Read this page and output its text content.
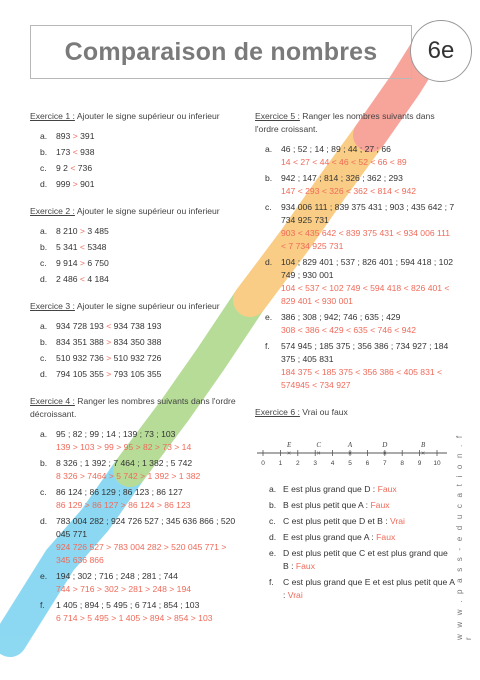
Comparaison de nombres	6e
Exercice 1 : Ajouter le signe supérieur ou inferieur
a.	893 > 391
b.	173 < 938
c.	9 2 < 736
d.	999 > 901
Exercice 2 : Ajouter le signe supérieur ou inferieur
a.	8 210 > 3 485
b.	5 341 < 5348
c.	9 914 > 6 750
d.	2 486 < 4 184
Exercice 3 : Ajouter le signe supérieur ou inferieur
a.	934 728 193 < 934 738 193
b.	834 351 388 > 834 350 388
c.	510 932 736 > 510 932 726
d.	794 105 355 > 793 105 355
Exercice 4 : Ranger les nombres suivants dans l'ordre décroissant.
a.	95 ; 82 ; 99 ; 14 ; 139 ; 73 ; 103
139 > 103 > 99 > 95 > 82 > 73 > 14
b.	8 326 ; 1 392 ; 7 464 ; 1 382 ; 5 742
8 326 > 7464 > 5 742 > 1 392 > 1 382
c.	86 124 ; 86 129 ; 86 123 ; 86 127
86 129 > 86 127 > 86 124 > 86 123
d.	783 004 282 ; 924 726 527 ; 345 636 866 ; 520 045 771
924 726 527 > 783 004 282 > 520 045 771 > 345 636 866
e.	194 ; 302 ; 716 ; 248 ; 281 ; 744
744 > 716 > 302 > 281 > 248 > 194
f.	1 405 ; 894 ; 5 495 ; 6 714 ; 854 ; 103
6 714 > 5 495 > 1 405 > 894 > 854 > 103
Exercice 5 : Ranger les nombres suivants dans l'ordre croissant.
a.	46 ; 52 ; 14 ; 89 ; 44 ; 27 ; 66
14 < 27 < 44 < 46 < 52 < 66 < 89
b.	942 ; 147 ; 814 ; 326 ; 362 ; 293
147 < 293 < 326 < 362 < 814 < 942
c.	934 006 111 ; 839 375 431 ; 903 ; 435 642 ; 7 734 925 731
903 < 435 642 < 839 375 431 < 934 006 111 < 7 734 925 731
d.	104 ; 829 401 ; 537 ; 826 401 ; 594 418 ; 102 749 ; 930 001
104 < 537 < 102 749 < 594 418 < 826 401 < 829 401 < 930 001
e.	386 ; 308 ; 942; 746 ; 635 ; 429
308 < 386 < 429 < 635 < 746 < 942
f.	574 945 ; 185 375 ; 356 386 ; 734 927 ; 184 375 ; 405 831
184 375 < 185 375 < 356 386 < 405 831 < 574945 < 734 927
Exercice 6 : Vrai ou faux
0 1 2 3 4 5 6 7 8 9 10
×
E
×
C
×
A
×
D
×
B
a. E est plus grand que D : Faux
b. B est plus petit que A : Faux
c. C est plus petit que D et B : Vrai
d. E est plus grand que A : Faux
e. D est plus petit que C et est plus grand que B : Faux
f.	C est plus grand que E et est plus petit que A : Vrai	w w w . p a s s - e d u c a t i o n . f r
